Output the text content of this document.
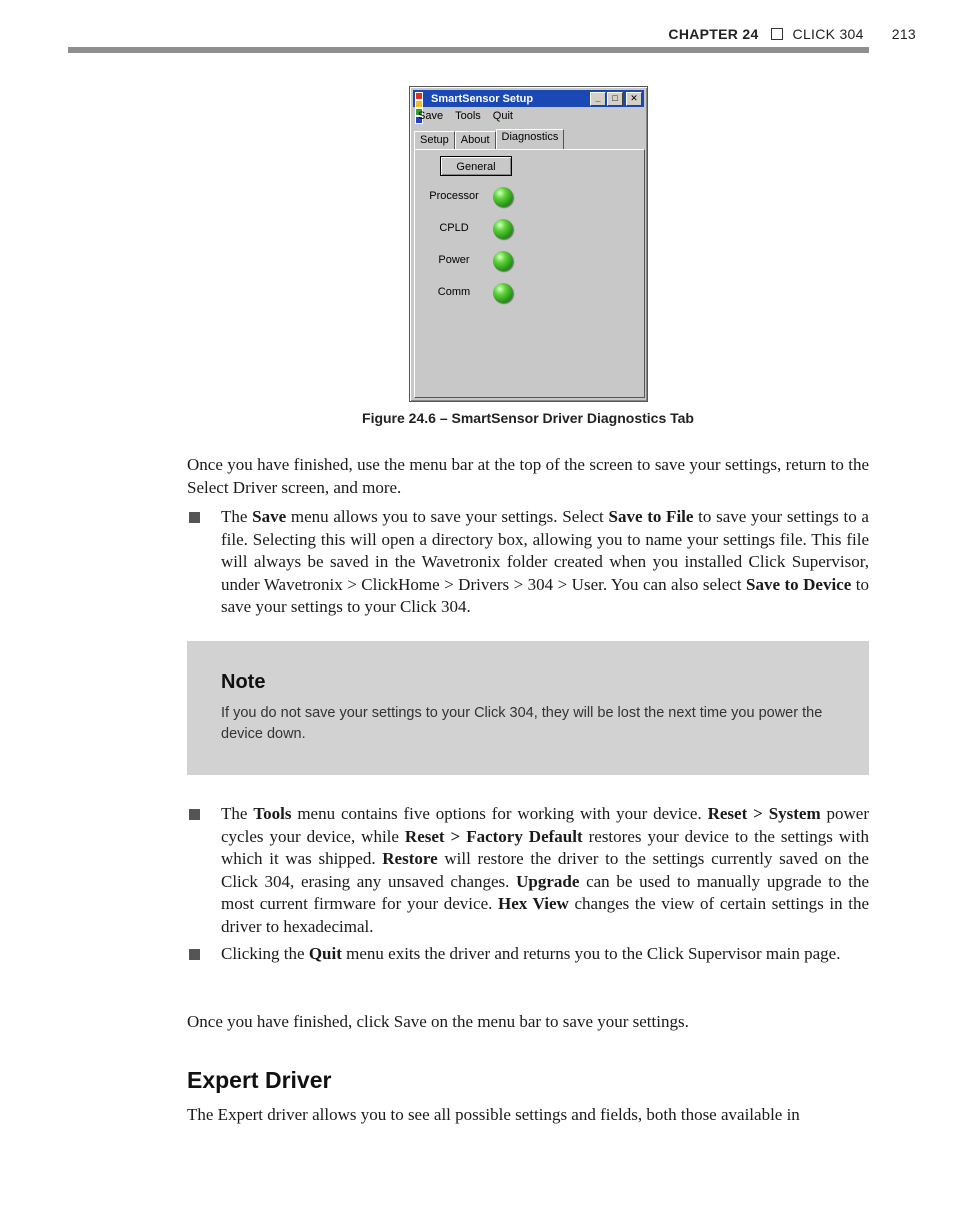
CHAPTER 24 CLICK 304 213
SmartSensor Setup	_	□	✕
Save Tools Quit
Setup	About	Diagnostics
General
Processor
CPLD
Power
Comm
Figure 24.6 – SmartSensor Driver Diagnostics Tab
Once you have finished, use the menu bar at the top of the screen to save your settings, return to the Select Driver screen, and more.
The Save menu allows you to save your settings. Select Save to File to save your settings to a file. Selecting this will open a directory box, allowing you to name your settings file. This file will always be saved in the Wavetronix folder created when you installed Click Supervisor, under Wavetronix > ClickHome > Drivers > 304 > User. You can also select Save to Device to save your settings to your Click 304.
Note
If you do not save your settings to your Click 304, they will be lost the next time you power the device down.
The Tools menu contains five options for working with your device. Reset > System power cycles your device, while Reset > Factory Default restores your device to the settings with which it was shipped. Restore will restore the driver to the settings currently saved on the Click 304, erasing any unsaved changes. Upgrade can be used to manually upgrade to the most current firmware for your device. Hex View changes the view of certain settings in the driver to hexadecimal.
Clicking the Quit menu exits the driver and returns you to the Click Supervisor main page.
Once you have finished, click Save on the menu bar to save your settings.
Expert Driver
The Expert driver allows you to see all possible settings and fields, both those available in
